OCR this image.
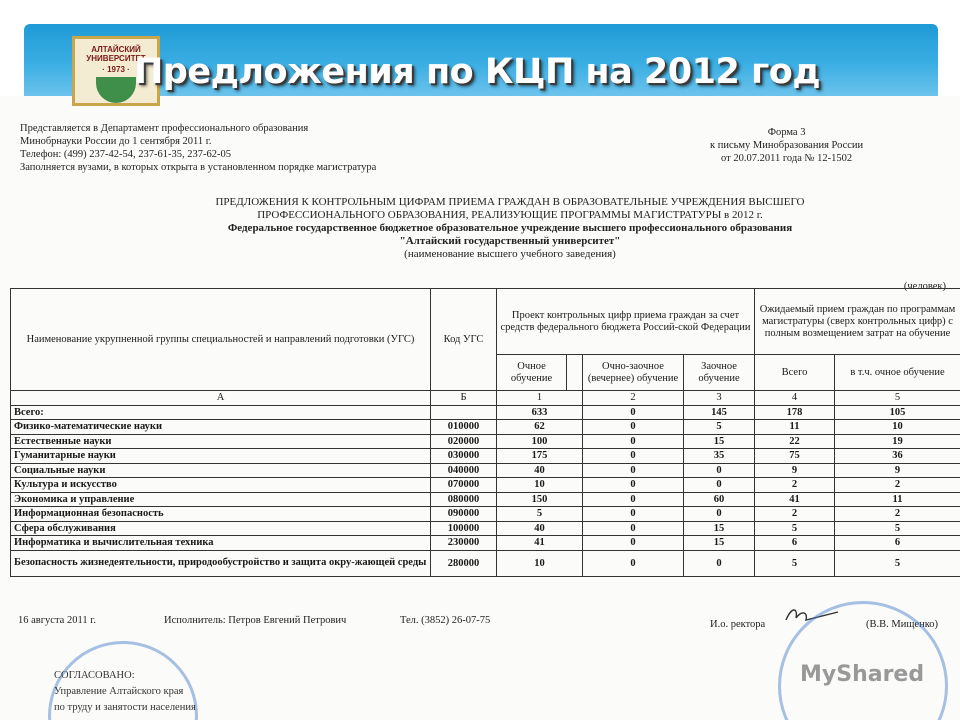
АЛТАЙСКИЙ
УНИВЕРСИТЕТ
· 1973 · Предложения по КЦП на 2012 год
Представляется в Департамент профессионального образования
Минобрнауки России до 1 сентября 2011 г.
Телефон: (499) 237-42-54, 237-61-35, 237-62-05
Заполняется вузами, в которых открыта в установленном порядке магистратура
Форма 3
к письму Минобразования России
от 20.07.2011 года № 12-1502
ПРЕДЛОЖЕНИЯ К КОНТРОЛЬНЫМ ЦИФРАМ ПРИЕМА ГРАЖДАН В ОБРАЗОВАТЕЛЬНЫЕ УЧРЕЖДЕНИЯ ВЫСШЕГО
ПРОФЕССИОНАЛЬНОГО ОБРАЗОВАНИЯ, РЕАЛИЗУЮЩИЕ ПРОГРАММЫ МАГИСТРАТУРЫ в 2012 г.
Федеральное государственное бюджетное образовательное учреждение высшего профессионального образования
"Алтайский государственный университет"
(наименование высшего учебного заведения)
(человек)
Наименование укрупненной группы специальностей и направлений подготовки (УГС)	Код УГС	Проект контрольных цифр приема граждан за счет средств федерального бюджета Россий-ской Федерации				Ожидаемый прием граждан по программам магистратуры (сверх контрольных цифр) с полным возмещением затрат на обучение	
		Очное обучение		Очно-заочное (вечернее) обучение	Заочное обучение	Всего	в т.ч. очное обучение
А	Б	1		2	3	4	5
Всего:		633		0	145	178	105
Физико-математические науки	010000	62		0	5	11	10
Естественные науки	020000	100		0	15	22	19
Гуманитарные науки	030000	175		0	35	75	36
Социальные науки	040000	40		0	0	9	9
Культура и искусство	070000	10		0	0	2	2
Экономика и управление	080000	150		0	60	41	11
Информационная безопасность	090000	5		0	0	2	2
Сфера обслуживания	100000	40		0	15	5	5
Информатика и вычислительная техника	230000	41		0	15	6	6
Безопасность жизнедеятельности, природообустройство и защита окру-жающей среды	280000	10		0	0	5	5
16 августа 2011 г.	Исполнитель: Петров Евгений Петрович	Тел. (3852) 26-07-75	И.о. ректора	(В.В. Мищенко)
СОГЛАСОВАНО:
Управление Алтайского края
по труду и занятости населения
MyShared
